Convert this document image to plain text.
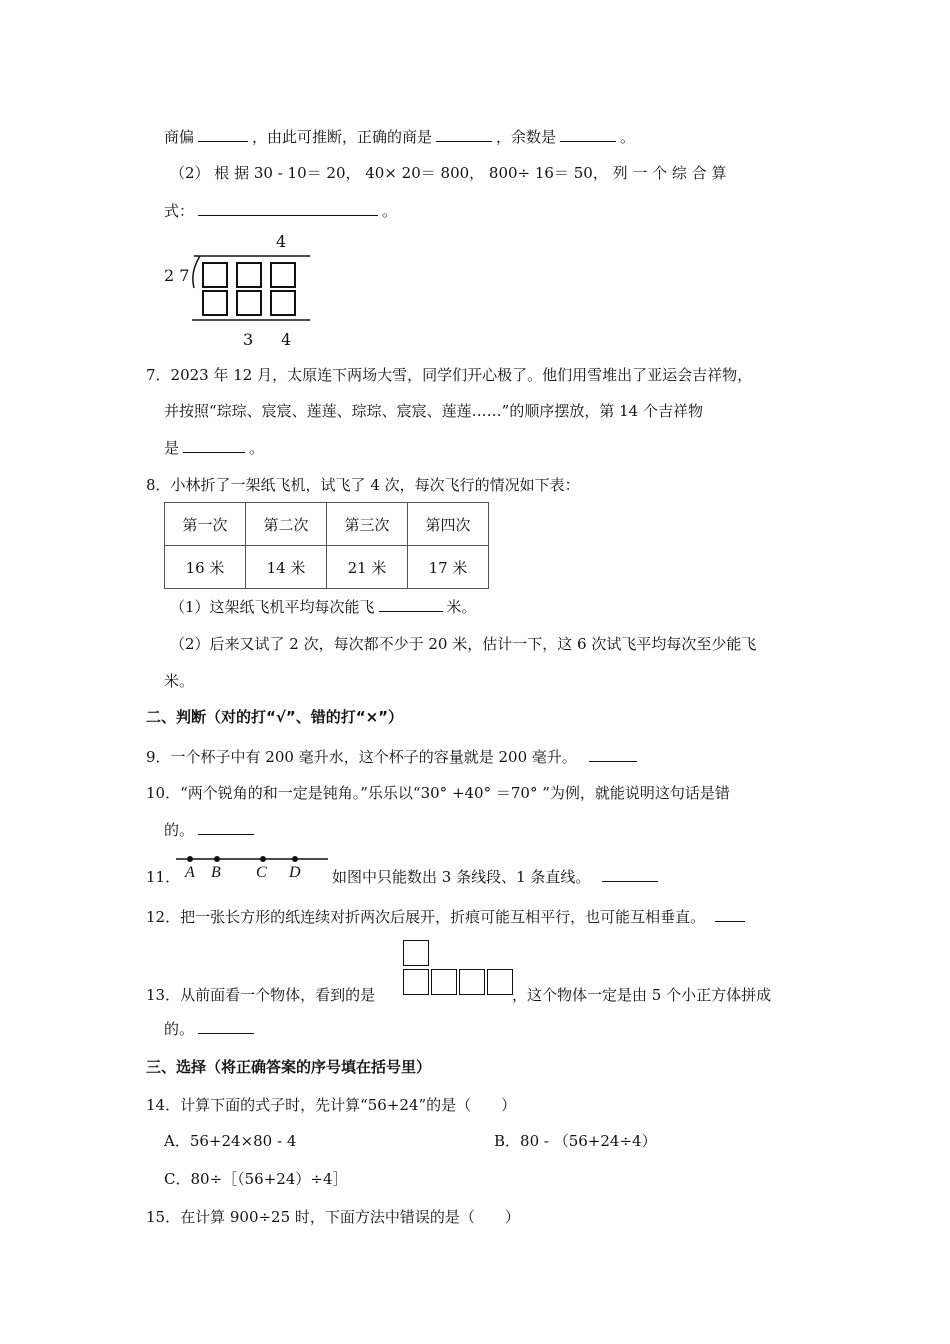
商偏	，由此可推断，正确的商是	，余数是	。
（2） 根 据 30 - 10＝ 20， 40× 20＝ 800， 800÷ 16＝ 50， 列 一 个 综 合 算
式：	。
4
2 7
3 4
7．2023 年 12 月，太原连下两场大雪，同学们开心极了。他们用雪堆出了亚运会吉祥物，
并按照“琮琮、宸宸、莲莲、琮琮、宸宸、莲莲……”的顺序摆放，第 14 个吉祥物
是	。
8．小林折了一架纸飞机，试飞了 4 次，每次飞行的情况如下表：
第一次	第二次	第三次	第四次
16 米	14 米	21 米	17 米
（1）这架纸飞机平均每次能飞	米。
（2）后来又试了 2 次，每次都不少于 20 米，估计一下，这 6 次试飞平均每次至少能飞
米。
二、判断（对的打“√”、错的打“×”）
9．一个杯子中有 200 毫升水，这个杯子的容量就是 200 毫升。
10．“两个锐角的和一定是钝角。”乐乐以“30° +40° ＝70° ”为例，就能说明这句话是错
的。
11． A B C D 如图中只能数出 3 条线段、1 条直线。
12．把一张长方形的纸连续对折两次后展开，折痕可能互相平行，也可能互相垂直。
13．从前面看一个物体，看到的是	，这个物体一定是由 5 个小正方体拼成
的。
三、选择（将正确答案的序号填在括号里）
14．计算下面的式子时，先计算“56+24”的是（　　）
A．56+24×80 - 4	B．80 - （56+24÷4）
C．80÷［（56+24）÷4］
15．在计算 900÷25 时，下面方法中错误的是（　　）
